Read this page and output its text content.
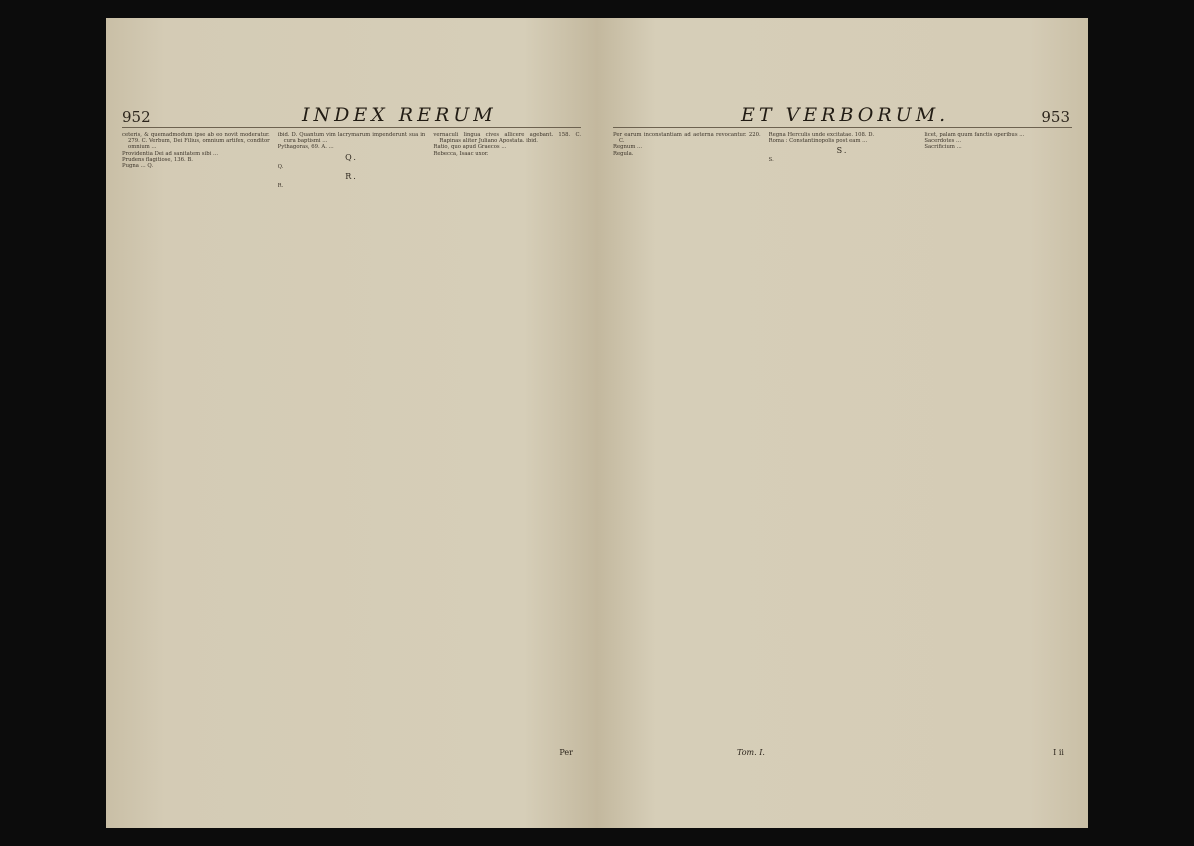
952	INDEX RERUM

ceteris, & quemadmodum ipse ab eo novit moderatur. 279. C. Verbum, Dei Filius, omnium artifex, conditor omnium ...

Providentia Dei ad sanitatem sibi ...

Prudens flagitiose, 136. B.

Pugna ... Q.

ibid. D. Quantum vim lacrymarum impenderunt sua in cura baptismi ...

Pythagoras, 69. A. ...

Q.

Q.

R.

R.

vernaculi lingua cives allicere agebant. 158. C. Rapinas aliter Juliano Apostata. ibid.

Ratio, quo apud Graecos ...

Rebecca, Isaac uxor.

Per
ET VERBORUM.	953

Per earum inconstantiam ad aeterna revocantur. 220. C.

Regnum ...

Regula.

Regna Herculis unde excitatae. 108. D.

Roma : Constantinopolis post eam ...

S.

S.

licet, palam quum fanctis operibus ...

Sacerdotes ...

Sacrificium ...

Tom. I.	I ii
